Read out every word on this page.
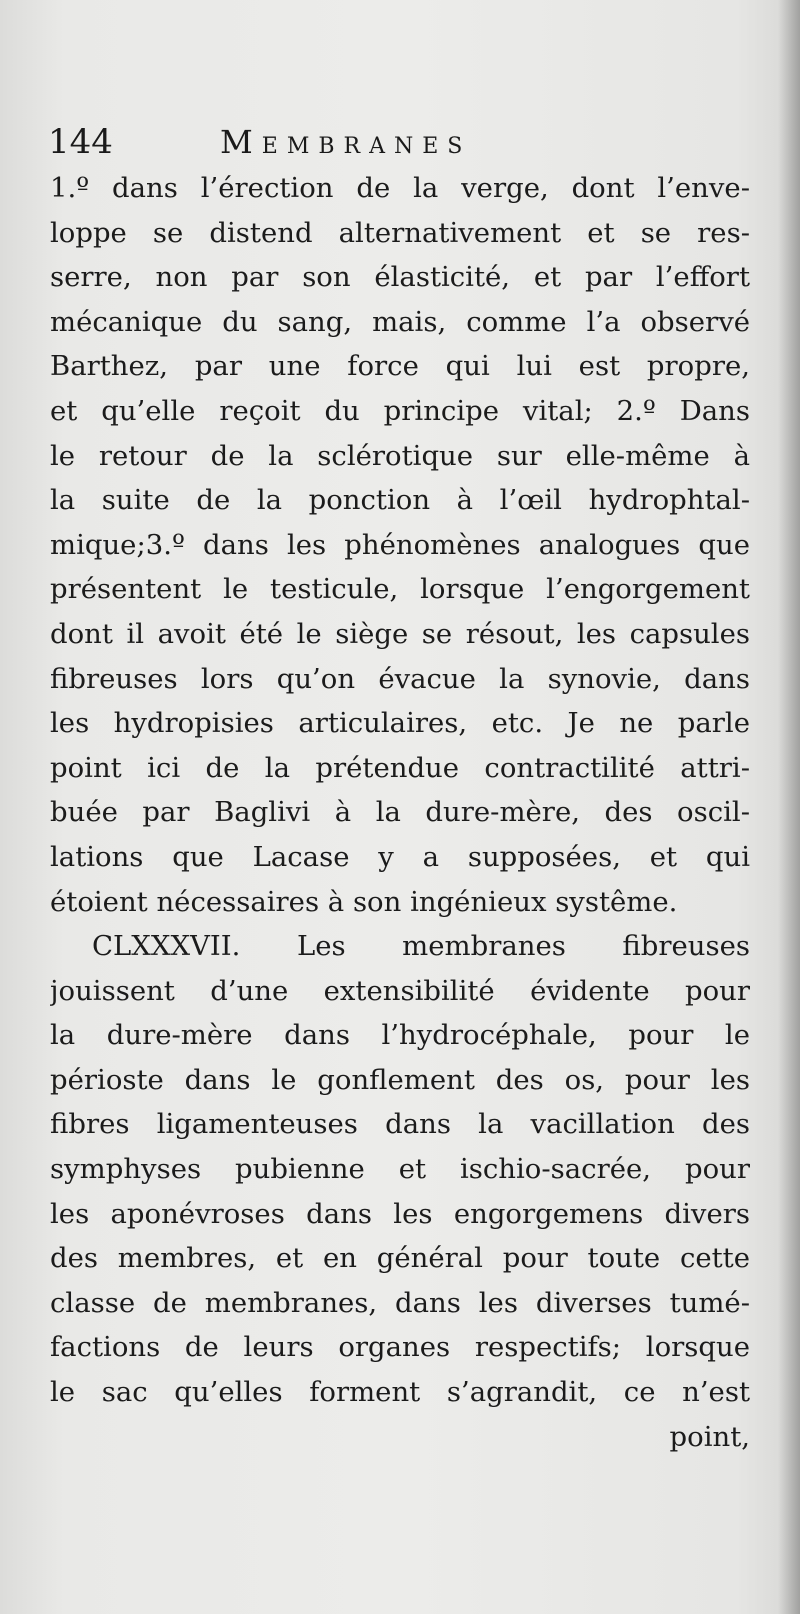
144	Membranes
1.º dans l’érection de la verge, dont l’enve-
loppe se distend alternativement et se res-
serre, non par son élasticité, et par l’effort
mécanique du sang, mais, comme l’a observé
Barthez, par une force qui lui est propre,
et qu’elle reçoit du principe vital; 2.º Dans
le retour de la sclérotique sur elle-même à
la suite de la ponction à l’œil hydrophtal-
mique;3.º dans les phénomènes analogues que
présentent le testicule, lorsque l’engorgement
dont il avoit été le siège se résout, les capsules
fibreuses lors qu’on évacue la synovie, dans
les hydropisies articulaires, etc. Je ne parle
point ici de la prétendue contractilité attri-
buée par Baglivi à la dure-mère, des oscil-
lations que Lacase y a supposées, et qui
étoient nécessaires à son ingénieux systême.
CLXXXVII. Les membranes fibreuses
jouissent d’une extensibilité évidente pour
la dure-mère dans l’hydrocéphale, pour le
périoste dans le gonflement des os, pour les
fibres ligamenteuses dans la vacillation des
symphyses pubienne et ischio-sacrée, pour
les aponévroses dans les engorgemens divers
des membres, et en général pour toute cette
classe de membranes, dans les diverses tumé-
factions de leurs organes respectifs; lorsque
le sac qu’elles forment s’agrandit, ce n’est
point,
